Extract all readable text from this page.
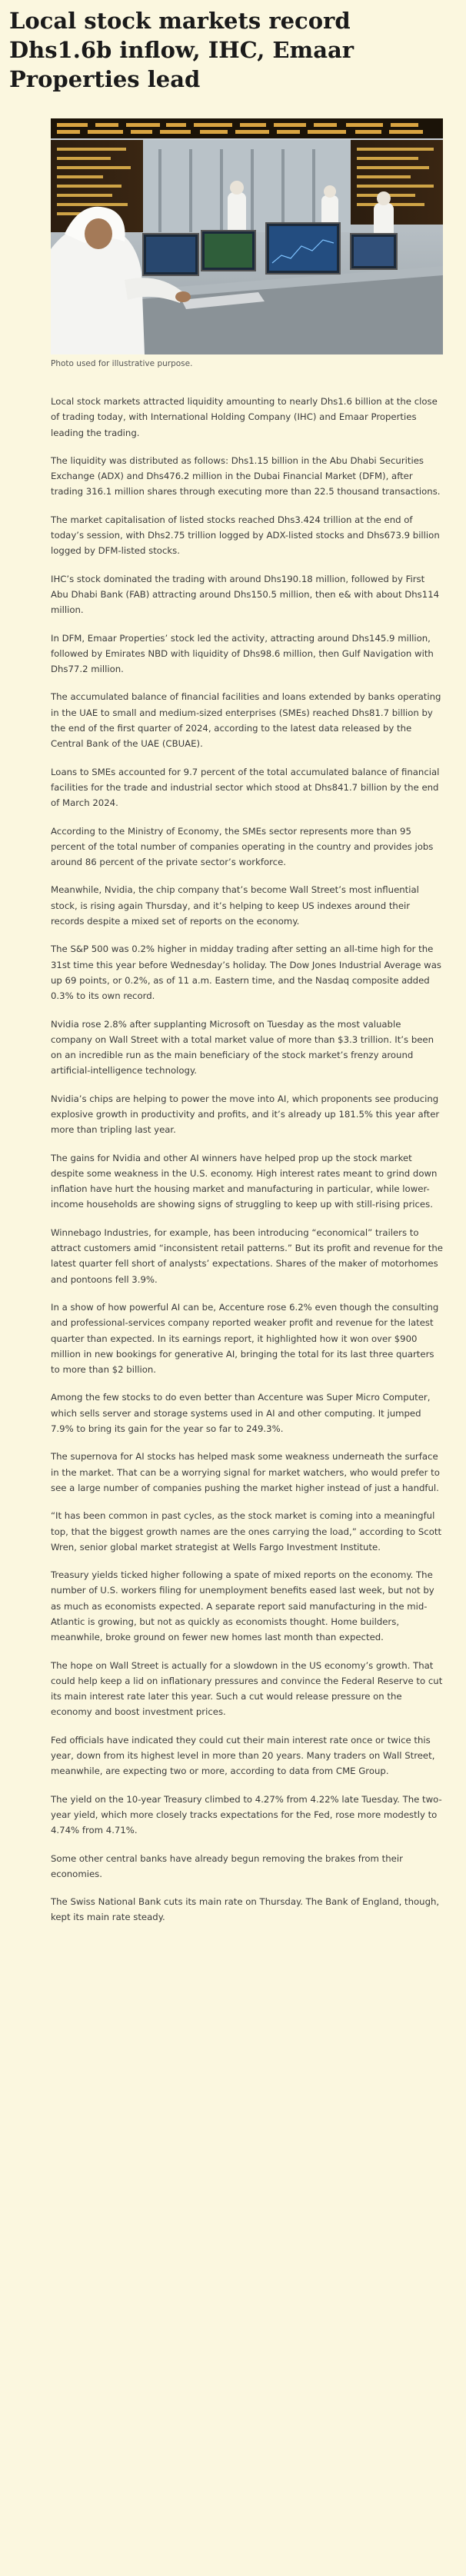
Local stock markets record Dhs1.6b inflow, IHC, Emaar Properties lead
Photo used for illustrative purpose.

Local stock markets attracted liquidity amounting to nearly Dhs1.6 billion at the close of trading today, with International Holding Company (IHC) and Emaar Properties leading the trading.

The liquidity was distributed as follows: Dhs1.15 billion in the Abu Dhabi Securities Exchange (ADX) and Dhs476.2 million in the Dubai Financial Market (DFM), after trading 316.1 million shares through executing more than 22.5 thousand transactions.

The market capitalisation of listed stocks reached Dhs3.424 trillion at the end of today’s session, with Dhs2.75 trillion logged by ADX-listed stocks and Dhs673.9 billion logged by DFM-listed stocks.

IHC’s stock dominated the trading with around Dhs190.18 million, followed by First Abu Dhabi Bank (FAB) attracting around Dhs150.5 million, then e& with about Dhs114 million.

In DFM, Emaar Properties’ stock led the activity, attracting around Dhs145.9 million, followed by Emirates NBD with liquidity of Dhs98.6 million, then Gulf Navigation with Dhs77.2 million.

The accumulated balance of financial facilities and loans extended by banks operating in the UAE to small and medium-sized enterprises (SMEs) reached Dhs81.7 billion by the end of the first quarter of 2024, according to the latest data released by the Central Bank of the UAE (CBUAE).

Loans to SMEs accounted for 9.7 percent of the total accumulated balance of financial facilities for the trade and industrial sector which stood at Dhs841.7 billion by the end of March 2024.

According to the Ministry of Economy, the SMEs sector represents more than 95 percent of the total number of companies operating in the country and provides jobs around 86 percent of the private sector’s workforce.

Meanwhile, Nvidia, the chip company that’s become Wall Street’s most influential stock, is rising again Thursday, and it’s helping to keep US indexes around their records despite a mixed set of reports on the economy.

The S&P 500 was 0.2% higher in midday trading after setting an all-time high for the 31st time this year before Wednesday’s holiday. The Dow Jones Industrial Average was up 69 points, or 0.2%, as of 11 a.m. Eastern time, and the Nasdaq composite added 0.3% to its own record.

Nvidia rose 2.8% after supplanting Microsoft on Tuesday as the most valuable company on Wall Street with a total market value of more than $3.3 trillion. It’s been on an incredible run as the main beneficiary of the stock market’s frenzy around artificial-intelligence technology.

Nvidia’s chips are helping to power the move into AI, which proponents see producing explosive growth in productivity and profits, and it’s already up 181.5% this year after more than tripling last year.

The gains for Nvidia and other AI winners have helped prop up the stock market despite some weakness in the U.S. economy. High interest rates meant to grind down inflation have hurt the housing market and manufacturing in particular, while lower-income households are showing signs of struggling to keep up with still-rising prices.

Winnebago Industries, for example, has been introducing “economical” trailers to attract customers amid “inconsistent retail patterns.” But its profit and revenue for the latest quarter fell short of analysts’ expectations. Shares of the maker of motorhomes and pontoons fell 3.9%.

In a show of how powerful AI can be, Accenture rose 6.2% even though the consulting and professional-services company reported weaker profit and revenue for the latest quarter than expected. In its earnings report, it highlighted how it won over $900 million in new bookings for generative AI, bringing the total for its last three quarters to more than $2 billion.

Among the few stocks to do even better than Accenture was Super Micro Computer, which sells server and storage systems used in AI and other computing. It jumped 7.9% to bring its gain for the year so far to 249.3%.

The supernova for AI stocks has helped mask some weakness underneath the surface in the market. That can be a worrying signal for market watchers, who would prefer to see a large number of companies pushing the market higher instead of just a handful.

“It has been common in past cycles, as the stock market is coming into a meaningful top, that the biggest growth names are the ones carrying the load,” according to Scott Wren, senior global market strategist at Wells Fargo Investment Institute.

Treasury yields ticked higher following a spate of mixed reports on the economy. The number of U.S. workers filing for unemployment benefits eased last week, but not by as much as economists expected. A separate report said manufacturing in the mid-Atlantic is growing, but not as quickly as economists thought. Home builders, meanwhile, broke ground on fewer new homes last month than expected.

The hope on Wall Street is actually for a slowdown in the US economy’s growth. That could help keep a lid on inflationary pressures and convince the Federal Reserve to cut its main interest rate later this year. Such a cut would release pressure on the economy and boost investment prices.

Fed officials have indicated they could cut their main interest rate once or twice this year, down from its highest level in more than 20 years. Many traders on Wall Street, meanwhile, are expecting two or more, according to data from CME Group.

The yield on the 10-year Treasury climbed to 4.27% from 4.22% late Tuesday. The two-year yield, which more closely tracks expectations for the Fed, rose more modestly to 4.74% from 4.71%.

Some other central banks have already begun removing the brakes from their economies.

The Swiss National Bank cuts its main rate on Thursday. The Bank of England, though, kept its main rate steady.
